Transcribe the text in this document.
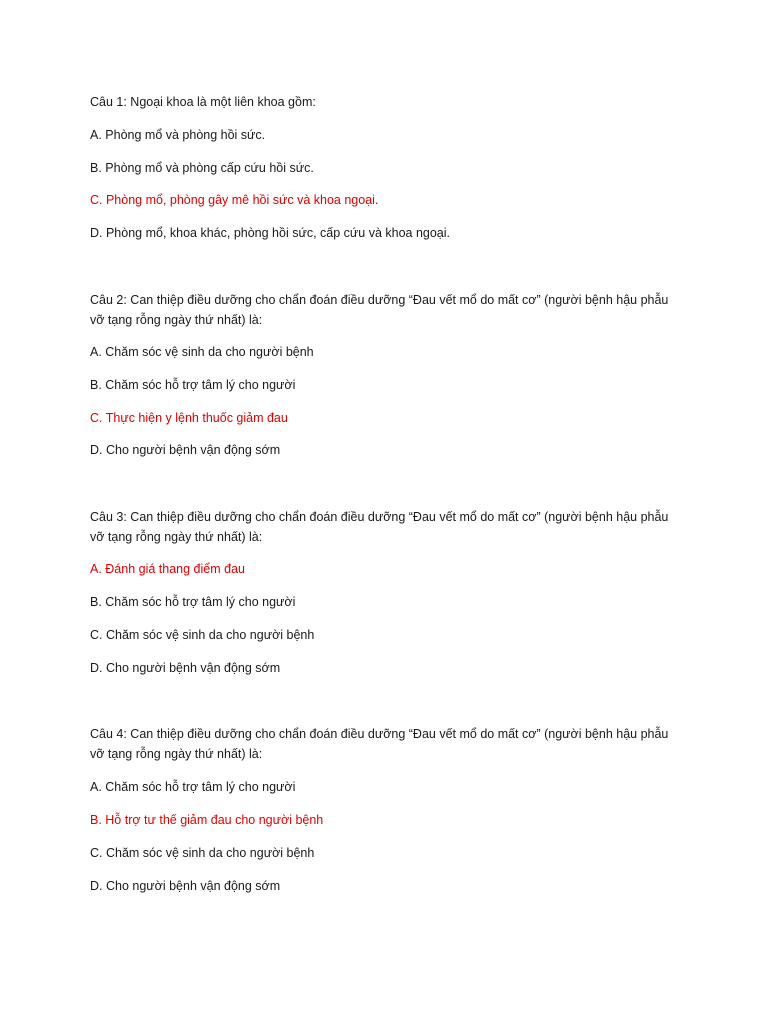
Câu 1: Ngoại khoa là một liên khoa gồm:
A. Phòng mổ và phòng hồi sức.
B. Phòng mổ và phòng cấp cứu hồi sức.
C. Phòng mổ, phòng gây mê hồi sức và khoa ngoại.
D. Phòng mổ, khoa khác, phòng hồi sức, cấp cứu và khoa ngoại.
Câu 2: Can thiệp điều dưỡng cho chẩn đoán điều dưỡng “Đau vết mổ do mất cơ” (người bệnh hậu phẫu
vỡ tạng rỗng ngày thứ nhất) là:
A. Chăm sóc vệ sinh da cho người bệnh
B. Chăm sóc hỗ trợ tâm lý cho người
C. Thực hiện y lệnh thuốc giảm đau
D. Cho người bệnh vận động sớm
Câu 3: Can thiệp điều dưỡng cho chẩn đoán điều dưỡng “Đau vết mổ do mất cơ” (người bệnh hậu phẫu
vỡ tạng rỗng ngày thứ nhất) là:
A. Đánh giá thang điểm đau
B. Chăm sóc hỗ trợ tâm lý cho người
C. Chăm sóc vệ sinh da cho người bệnh
D. Cho người bệnh vận động sớm
Câu 4: Can thiệp điều dưỡng cho chẩn đoán điều dưỡng “Đau vết mổ do mất cơ” (người bệnh hậu phẫu
vỡ tạng rỗng ngày thứ nhất) là:
A. Chăm sóc hỗ trợ tâm lý cho người
B. Hỗ trợ tư thế giảm đau cho người bệnh
C. Chăm sóc vệ sinh da cho người bệnh
D. Cho người bệnh vận động sớm
